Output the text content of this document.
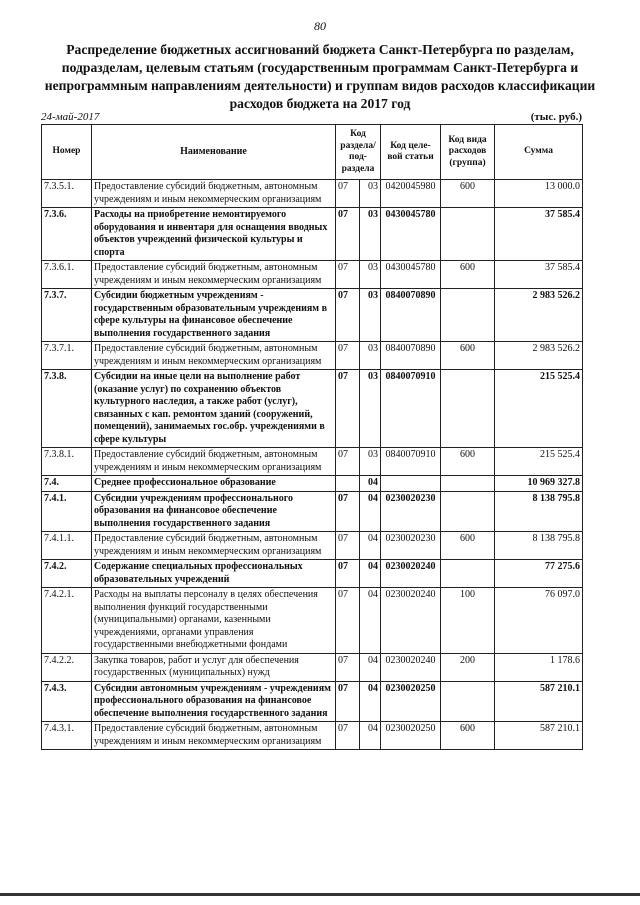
80
Распределение бюджетных ассигнований бюджета Санкт-Петербурга по разделам, подразделам, целевым статьям (государственным программам Санкт-Петербурга и непрограммным направлениям деятельности) и группам видов расходов классификации расходов бюджета на 2017 год
24-май-2017	(тыс. руб.)
Номер	Наименование	Код раздела/ под-раздела		Код целе-вой статьи	Код вида расходов (группа)	Сумма
7.3.5.1.	Предоставление субсидий бюджетным, автономным учреждениям и иным некоммерческим организациям	07	03	0420045980	600	13 000.0
7.3.6.	Расходы на приобретение немонтируемого оборудования и инвентаря для оснащения вводных объектов учреждений физической культуры и спорта	07	03	0430045780		37 585.4
7.3.6.1.	Предоставление субсидий бюджетным, автономным учреждениям и иным некоммерческим организациям	07	03	0430045780	600	37 585.4
7.3.7.	Субсидии бюджетным учреждениям - государственным образовательным учреждениям в сфере культуры на финансовое обеспечение выполнения государственного задания	07	03	0840070890		2 983 526.2
7.3.7.1.	Предоставление субсидий бюджетным, автономным учреждениям и иным некоммерческим организациям	07	03	0840070890	600	2 983 526.2
7.3.8.	Субсидии на иные цели на выполнение работ (оказание услуг) по сохранению объектов культурного наследия, а также работ (услуг), связанных с кап. ремонтом зданий (сооружений, помещений), занимаемых гос.обр. учреждениями в сфере культуры	07	03	0840070910		215 525.4
7.3.8.1.	Предоставление субсидий бюджетным, автономным учреждениям и иным некоммерческим организациям	07	03	0840070910	600	215 525.4
7.4.	Среднее профессиональное образование		04			10 969 327.8
7.4.1.	Субсидии учреждениям профессионального образования на финансовое обеспечение выполнения государственного задания	07	04	0230020230		8 138 795.8
7.4.1.1.	Предоставление субсидий бюджетным, автономным учреждениям и иным некоммерческим организациям	07	04	0230020230	600	8 138 795.8
7.4.2.	Содержание специальных профессиональных образовательных учреждений	07	04	0230020240		77 275.6
7.4.2.1.	Расходы на выплаты персоналу в целях обеспечения выполнения функций государственными (муниципальными) органами, казенными учреждениями, органами управления государственными внебюджетными фондами	07	04	0230020240	100	76 097.0
7.4.2.2.	Закупка товаров, работ и услуг для обеспечения государственных (муниципальных) нужд	07	04	0230020240	200	1 178.6
7.4.3.	Субсидии автономным учреждениям - учреждениям профессионального образования на финансовое обеспечение выполнения государственного задания	07	04	0230020250		587 210.1
7.4.3.1.	Предоставление субсидий бюджетным, автономным учреждениям и иным некоммерческим организациям	07	04	0230020250	600	587 210.1
